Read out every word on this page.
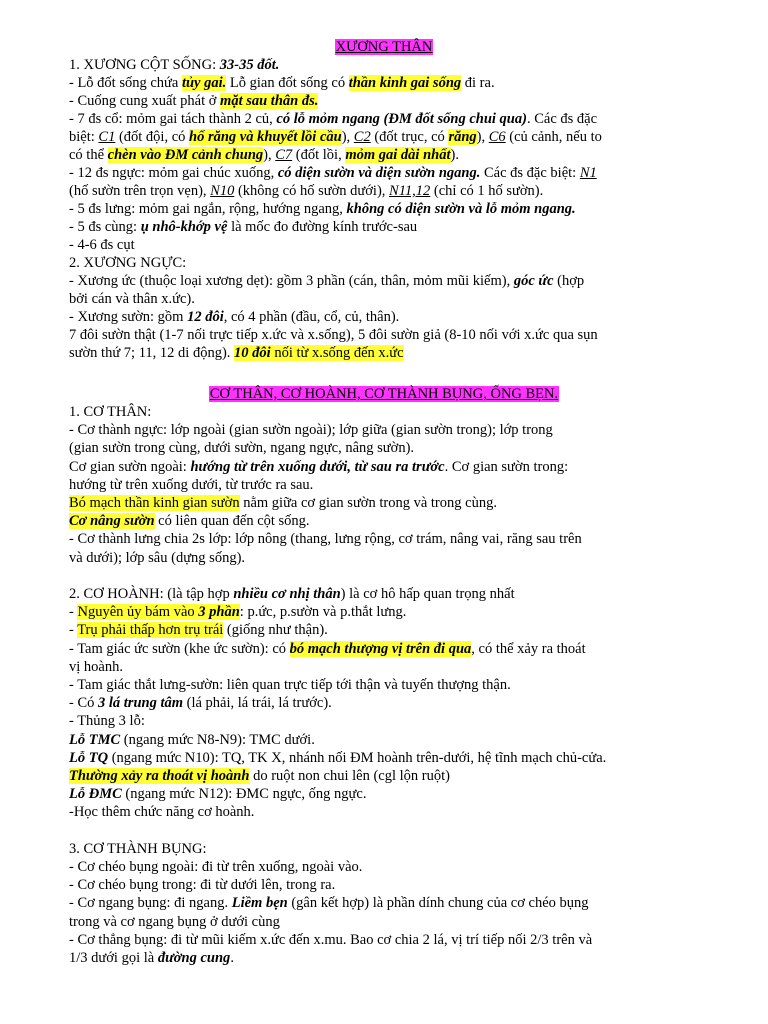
XƯƠNG THÂN
1. XƯƠNG CỘT SỐNG: 33-35 đốt.
- Lỗ đốt sống chứa tủy gai. Lỗ gian đốt sống có thần kinh gai sống đi ra.
- Cuống cung xuất phát ở mặt sau thân đs.
- 7 đs cổ: mỏm gai tách thành 2 củ, có lỗ mỏm ngang (ĐM đốt sống chui qua). Các đs đặc
biệt: C1 (đốt đội, có hố răng và khuyết lồi cầu), C2 (đốt trục, có răng), C6 (củ cảnh, nếu to
có thể chèn vào ĐM cảnh chung), C7 (đốt lồi, mỏm gai dài nhất).
- 12 đs ngực: mỏm gai chúc xuống, có diện sườn và diện sườn ngang. Các đs đặc biệt: N1
(hố sườn trên trọn vẹn), N10 (không có hố sườn dưới), N11,12 (chỉ có 1 hố sườn).
- 5 đs lưng: mỏm gai ngắn, rộng, hướng ngang, không có diện sườn và lỗ mỏm ngang.
- 5 đs cùng: ụ nhô-khớp vệ là mốc đo đường kính trước-sau
- 4-6 đs cụt
2. XƯƠNG NGỰC:
- Xương ức (thuộc loại xương dẹt): gồm 3 phần (cán, thân, mỏm mũi kiếm), góc ức (hợp
bởi cán và thân x.ức).
- Xương sườn: gồm 12 đôi, có 4 phần (đầu, cổ, củ, thân).
7 đôi sườn thật (1-7 nối trực tiếp x.ức và x.sống), 5 đôi sườn giả (8-10 nối với x.ức qua sụn
sườn thứ 7; 11, 12 di động). 10 đôi nối từ x.sống đến x.ức
CƠ THÂN, CƠ HOÀNH, CƠ THÀNH BỤNG, ỐNG BẸN.
1. CƠ THÂN:
- Cơ thành ngực: lớp ngoài (gian sườn ngoài); lớp giữa (gian sườn trong); lớp trong
(gian sườn trong cùng, dưới sườn, ngang ngực, nâng sườn).
Cơ gian sườn ngoài: hướng từ trên xuống dưới, từ sau ra trước. Cơ gian sườn trong:
hướng từ trên xuống dưới, từ trước ra sau.
Bó mạch thần kinh gian sườn nằm giữa cơ gian sườn trong và trong cùng.
Cơ nâng sườn có liên quan đến cột sống.
- Cơ thành lưng chia 2s lớp: lớp nông (thang, lưng rộng, cơ trám, nâng vai, răng sau trên
và dưới); lớp sâu (dựng sống).
2. CƠ HOÀNH: (là tập hợp nhiều cơ nhị thân) là cơ hô hấp quan trọng nhất
- Nguyên ủy bám vào 3 phần: p.ức, p.sườn và p.thắt lưng.
- Trụ phải thấp hơn trụ trái (giống như thận).
- Tam giác ức sườn (khe ức sườn): có bó mạch thượng vị trên đi qua, có thể xảy ra thoát
vị hoành.
- Tam giác thắt lưng-sườn: liên quan trực tiếp tới thận và tuyến thượng thận.
- Có 3 lá trung tâm (lá phải, lá trái, lá trước).
- Thủng 3 lỗ:
Lỗ TMC (ngang mức N8-N9): TMC dưới.
Lỗ TQ (ngang mức N10): TQ, TK X, nhánh nối ĐM hoành trên-dưới, hệ tĩnh mạch chủ-cửa.
Thường xảy ra thoát vị hoành do ruột non chui lên (cgl lộn ruột)
Lỗ ĐMC (ngang mức N12): ĐMC ngực, ống ngực.
-Học thêm chức năng cơ hoành.
3. CƠ THÀNH BỤNG:
- Cơ chéo bụng ngoài: đi từ trên xuống, ngoài vào.
- Cơ chéo bụng trong: đi từ dưới lên, trong ra.
- Cơ ngang bụng: đi ngang. Liềm bẹn (gân kết hợp) là phần dính chung của cơ chéo bụng
trong và cơ ngang bụng ở dưới cùng
- Cơ thẳng bụng: đi từ mũi kiếm x.ức đến x.mu. Bao cơ chia 2 lá, vị trí tiếp nối 2/3 trên và
1/3 dưới gọi là đường cung.
